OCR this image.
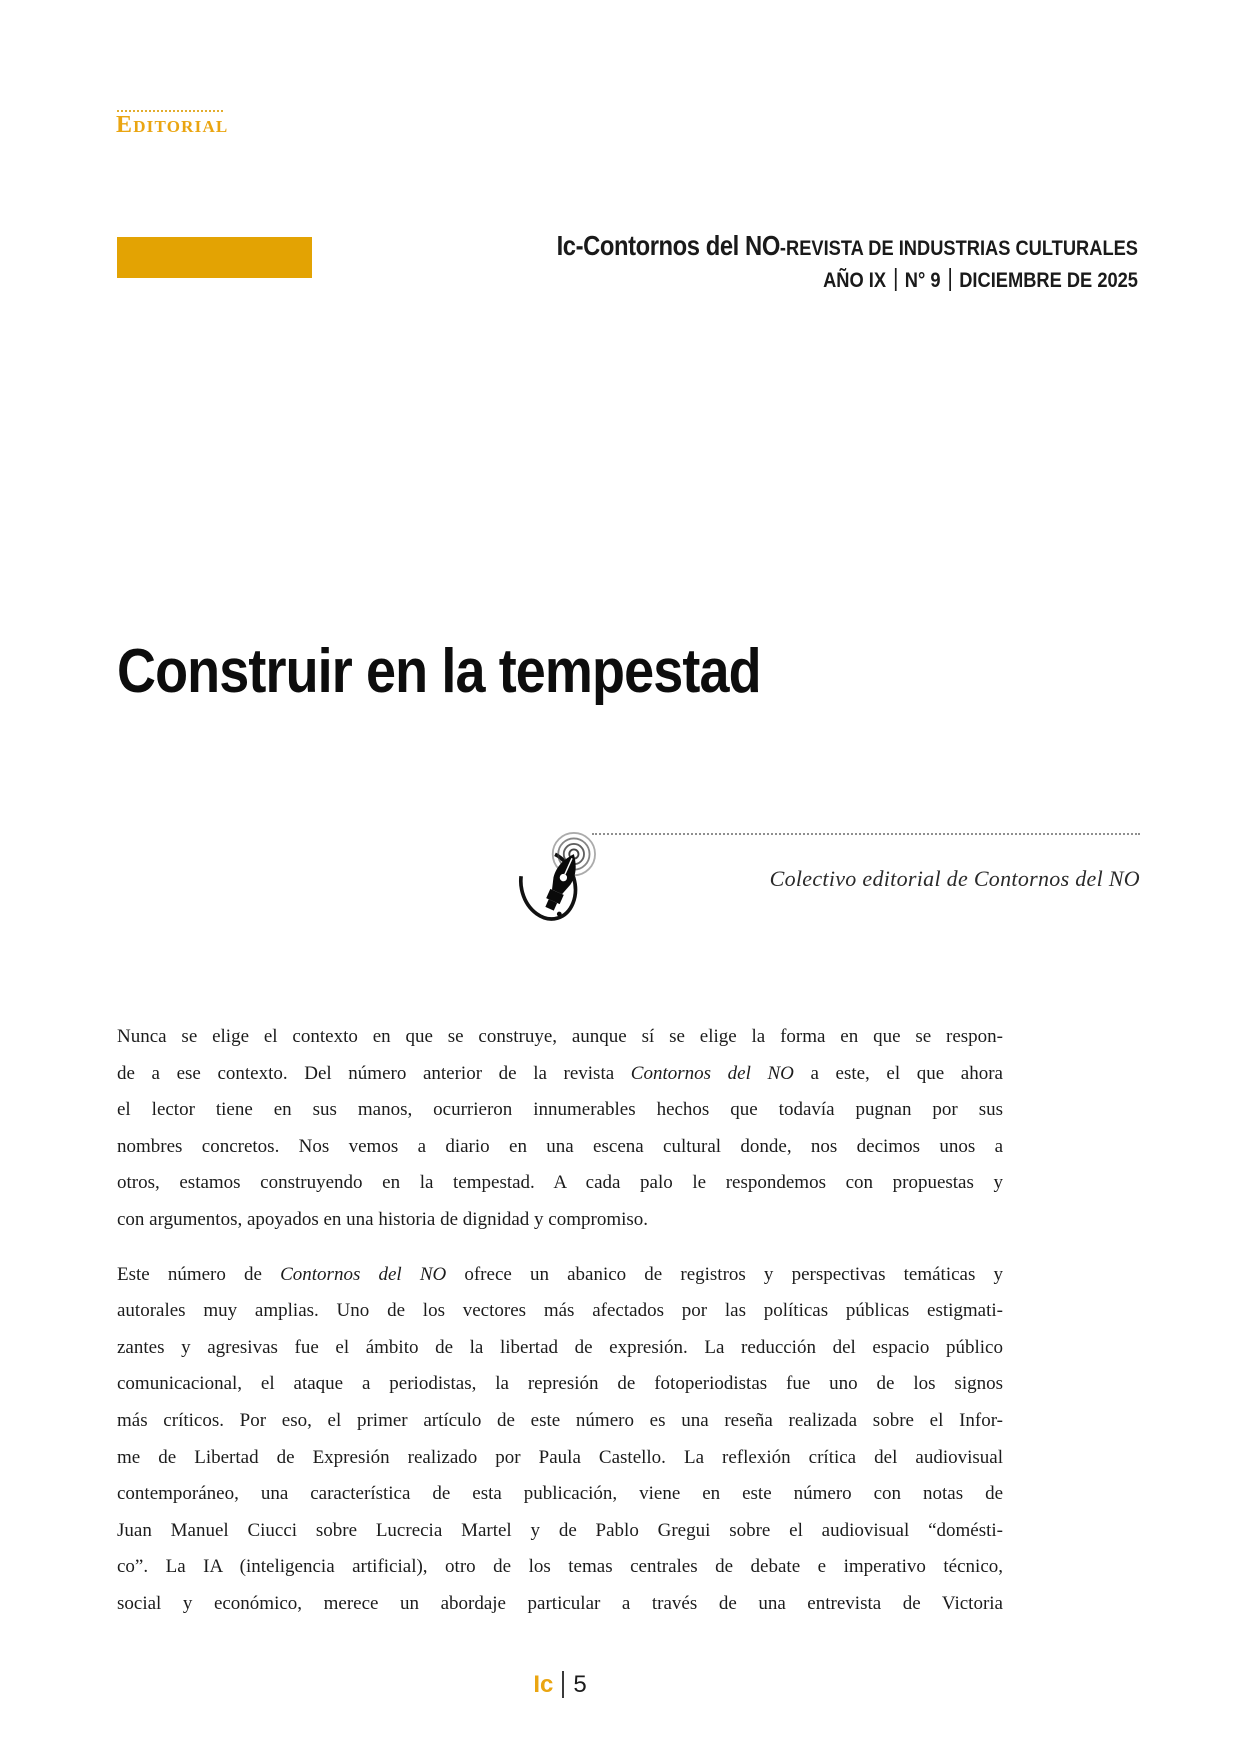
Editorial
Ic-Contornos del NO-REVISTA DE INDUSTRIAS CULTURALES
AÑO IX N° 9 DICIEMBRE DE 2025
Construir en la tempestad
Colectivo editorial de Contornos del NO
Nunca se elige el contexto en que se construye, aunque sí se elige la forma en que se respon-
de a ese contexto. Del número anterior de la revista Contornos del NO a este, el que ahora
el lector tiene en sus manos, ocurrieron innumerables hechos que todavía pugnan por sus
nombres concretos. Nos vemos a diario en una escena cultural donde, nos decimos unos a
otros, estamos construyendo en la tempestad. A cada palo le respondemos con propuestas y
con argumentos, apoyados en una historia de dignidad y compromiso.
Este número de Contornos del NO ofrece un abanico de registros y perspectivas temáticas y
autorales muy amplias. Uno de los vectores más afectados por las políticas públicas estigmati-
zantes y agresivas fue el ámbito de la libertad de expresión. La reducción del espacio público
comunicacional, el ataque a periodistas, la represión de fotoperiodistas fue uno de los signos
más críticos. Por eso, el primer artículo de este número es una reseña realizada sobre el Infor-
me de Libertad de Expresión realizado por Paula Castello. La reflexión crítica del audiovisual
contemporáneo, una característica de esta publicación, viene en este número con notas de
Juan Manuel Ciucci sobre Lucrecia Martel y de Pablo Gregui sobre el audiovisual “domésti-
co”. La IA (inteligencia artificial), otro de los temas centrales de debate e imperativo técnico,
social y económico, merece un abordaje particular a través de una entrevista de Victoria
Ic 5
